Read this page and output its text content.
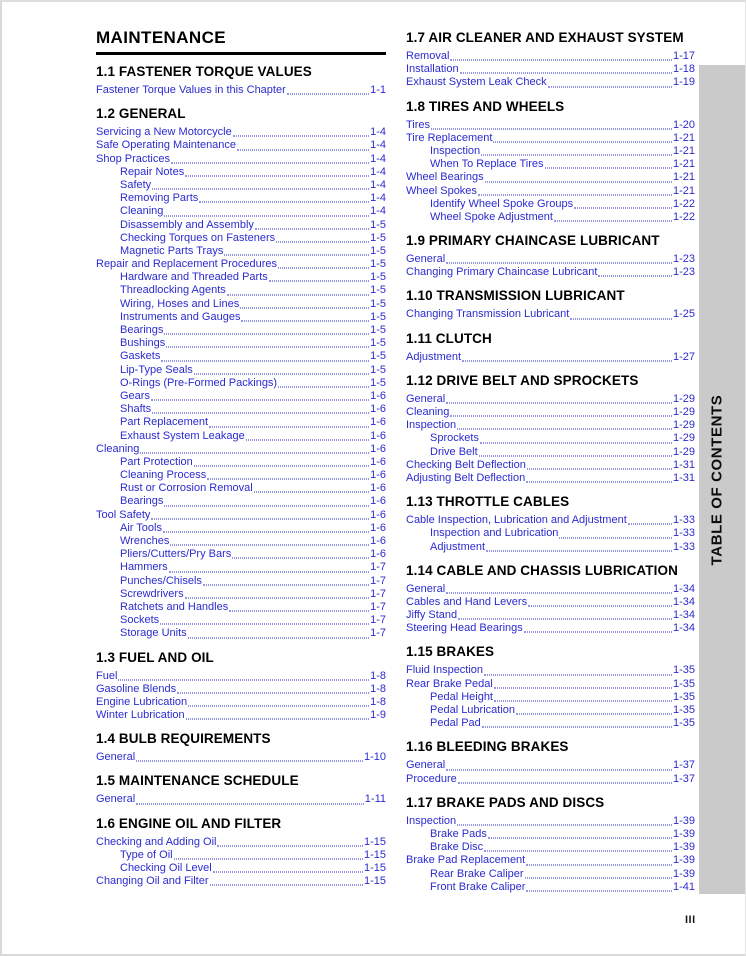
MAINTENANCE
1.1 FASTENER TORQUE VALUES
Fastener Torque Values in this Chapter	1-1
1.2 GENERAL
Servicing a New Motorcycle	1-4
Safe Operating Maintenance	1-4
Shop Practices	1-4
Repair Notes	1-4
Safety	1-4
Removing Parts	1-4
Cleaning	1-4
Disassembly and Assembly	1-5
Checking Torques on Fasteners	1-5
Magnetic Parts Trays	1-5
Repair and Replacement Procedures	1-5
Hardware and Threaded Parts	1-5
Threadlocking Agents	1-5
Wiring, Hoses and Lines	1-5
Instruments and Gauges	1-5
Bearings	1-5
Bushings	1-5
Gaskets	1-5
Lip-Type Seals	1-5
O-Rings (Pre-Formed Packings)	1-5
Gears	1-6
Shafts	1-6
Part Replacement	1-6
Exhaust System Leakage	1-6
Cleaning	1-6
Part Protection	1-6
Cleaning Process	1-6
Rust or Corrosion Removal	1-6
Bearings	1-6
Tool Safety	1-6
Air Tools	1-6
Wrenches	1-6
Pliers/Cutters/Pry Bars	1-6
Hammers	1-7
Punches/Chisels	1-7
Screwdrivers	1-7
Ratchets and Handles	1-7
Sockets	1-7
Storage Units	1-7
1.3 FUEL AND OIL
Fuel	1-8
Gasoline Blends	1-8
Engine Lubrication	1-8
Winter Lubrication	1-9
1.4 BULB REQUIREMENTS
General	1-10
1.5 MAINTENANCE SCHEDULE
General	1-11
1.6 ENGINE OIL AND FILTER
Checking and Adding Oil	1-15
Type of Oil	1-15
Checking Oil Level	1-15
Changing Oil and Filter	1-15
1.7 AIR CLEANER AND EXHAUST SYSTEM
Removal	1-17
Installation	1-18
Exhaust System Leak Check	1-19
1.8 TIRES AND WHEELS
Tires	1-20
Tire Replacement	1-21
Inspection	1-21
When To Replace Tires	1-21
Wheel Bearings	1-21
Wheel Spokes	1-21
Identify Wheel Spoke Groups	1-22
Wheel Spoke Adjustment	1-22
1.9 PRIMARY CHAINCASE LUBRICANT
General	1-23
Changing Primary Chaincase Lubricant	1-23
1.10 TRANSMISSION LUBRICANT
Changing Transmission Lubricant	1-25
1.11 CLUTCH
Adjustment	1-27
1.12 DRIVE BELT AND SPROCKETS
General	1-29
Cleaning	1-29
Inspection	1-29
Sprockets	1-29
Drive Belt	1-29
Checking Belt Deflection	1-31
Adjusting Belt Deflection	1-31
1.13 THROTTLE CABLES
Cable Inspection, Lubrication and Adjustment	1-33
Inspection and Lubrication	1-33
Adjustment	1-33
1.14 CABLE AND CHASSIS LUBRICATION
General	1-34
Cables and Hand Levers	1-34
Jiffy Stand	1-34
Steering Head Bearings	1-34
1.15 BRAKES
Fluid Inspection	1-35
Rear Brake Pedal	1-35
Pedal Height	1-35
Pedal Lubrication	1-35
Pedal Pad	1-35
1.16 BLEEDING BRAKES
General	1-37
Procedure	1-37
1.17 BRAKE PADS AND DISCS
Inspection	1-39
Brake Pads	1-39
Brake Disc	1-39
Brake Pad Replacement	1-39
Rear Brake Caliper	1-39
Front Brake Caliper	1-41
TABLE OF CONTENTS
III
